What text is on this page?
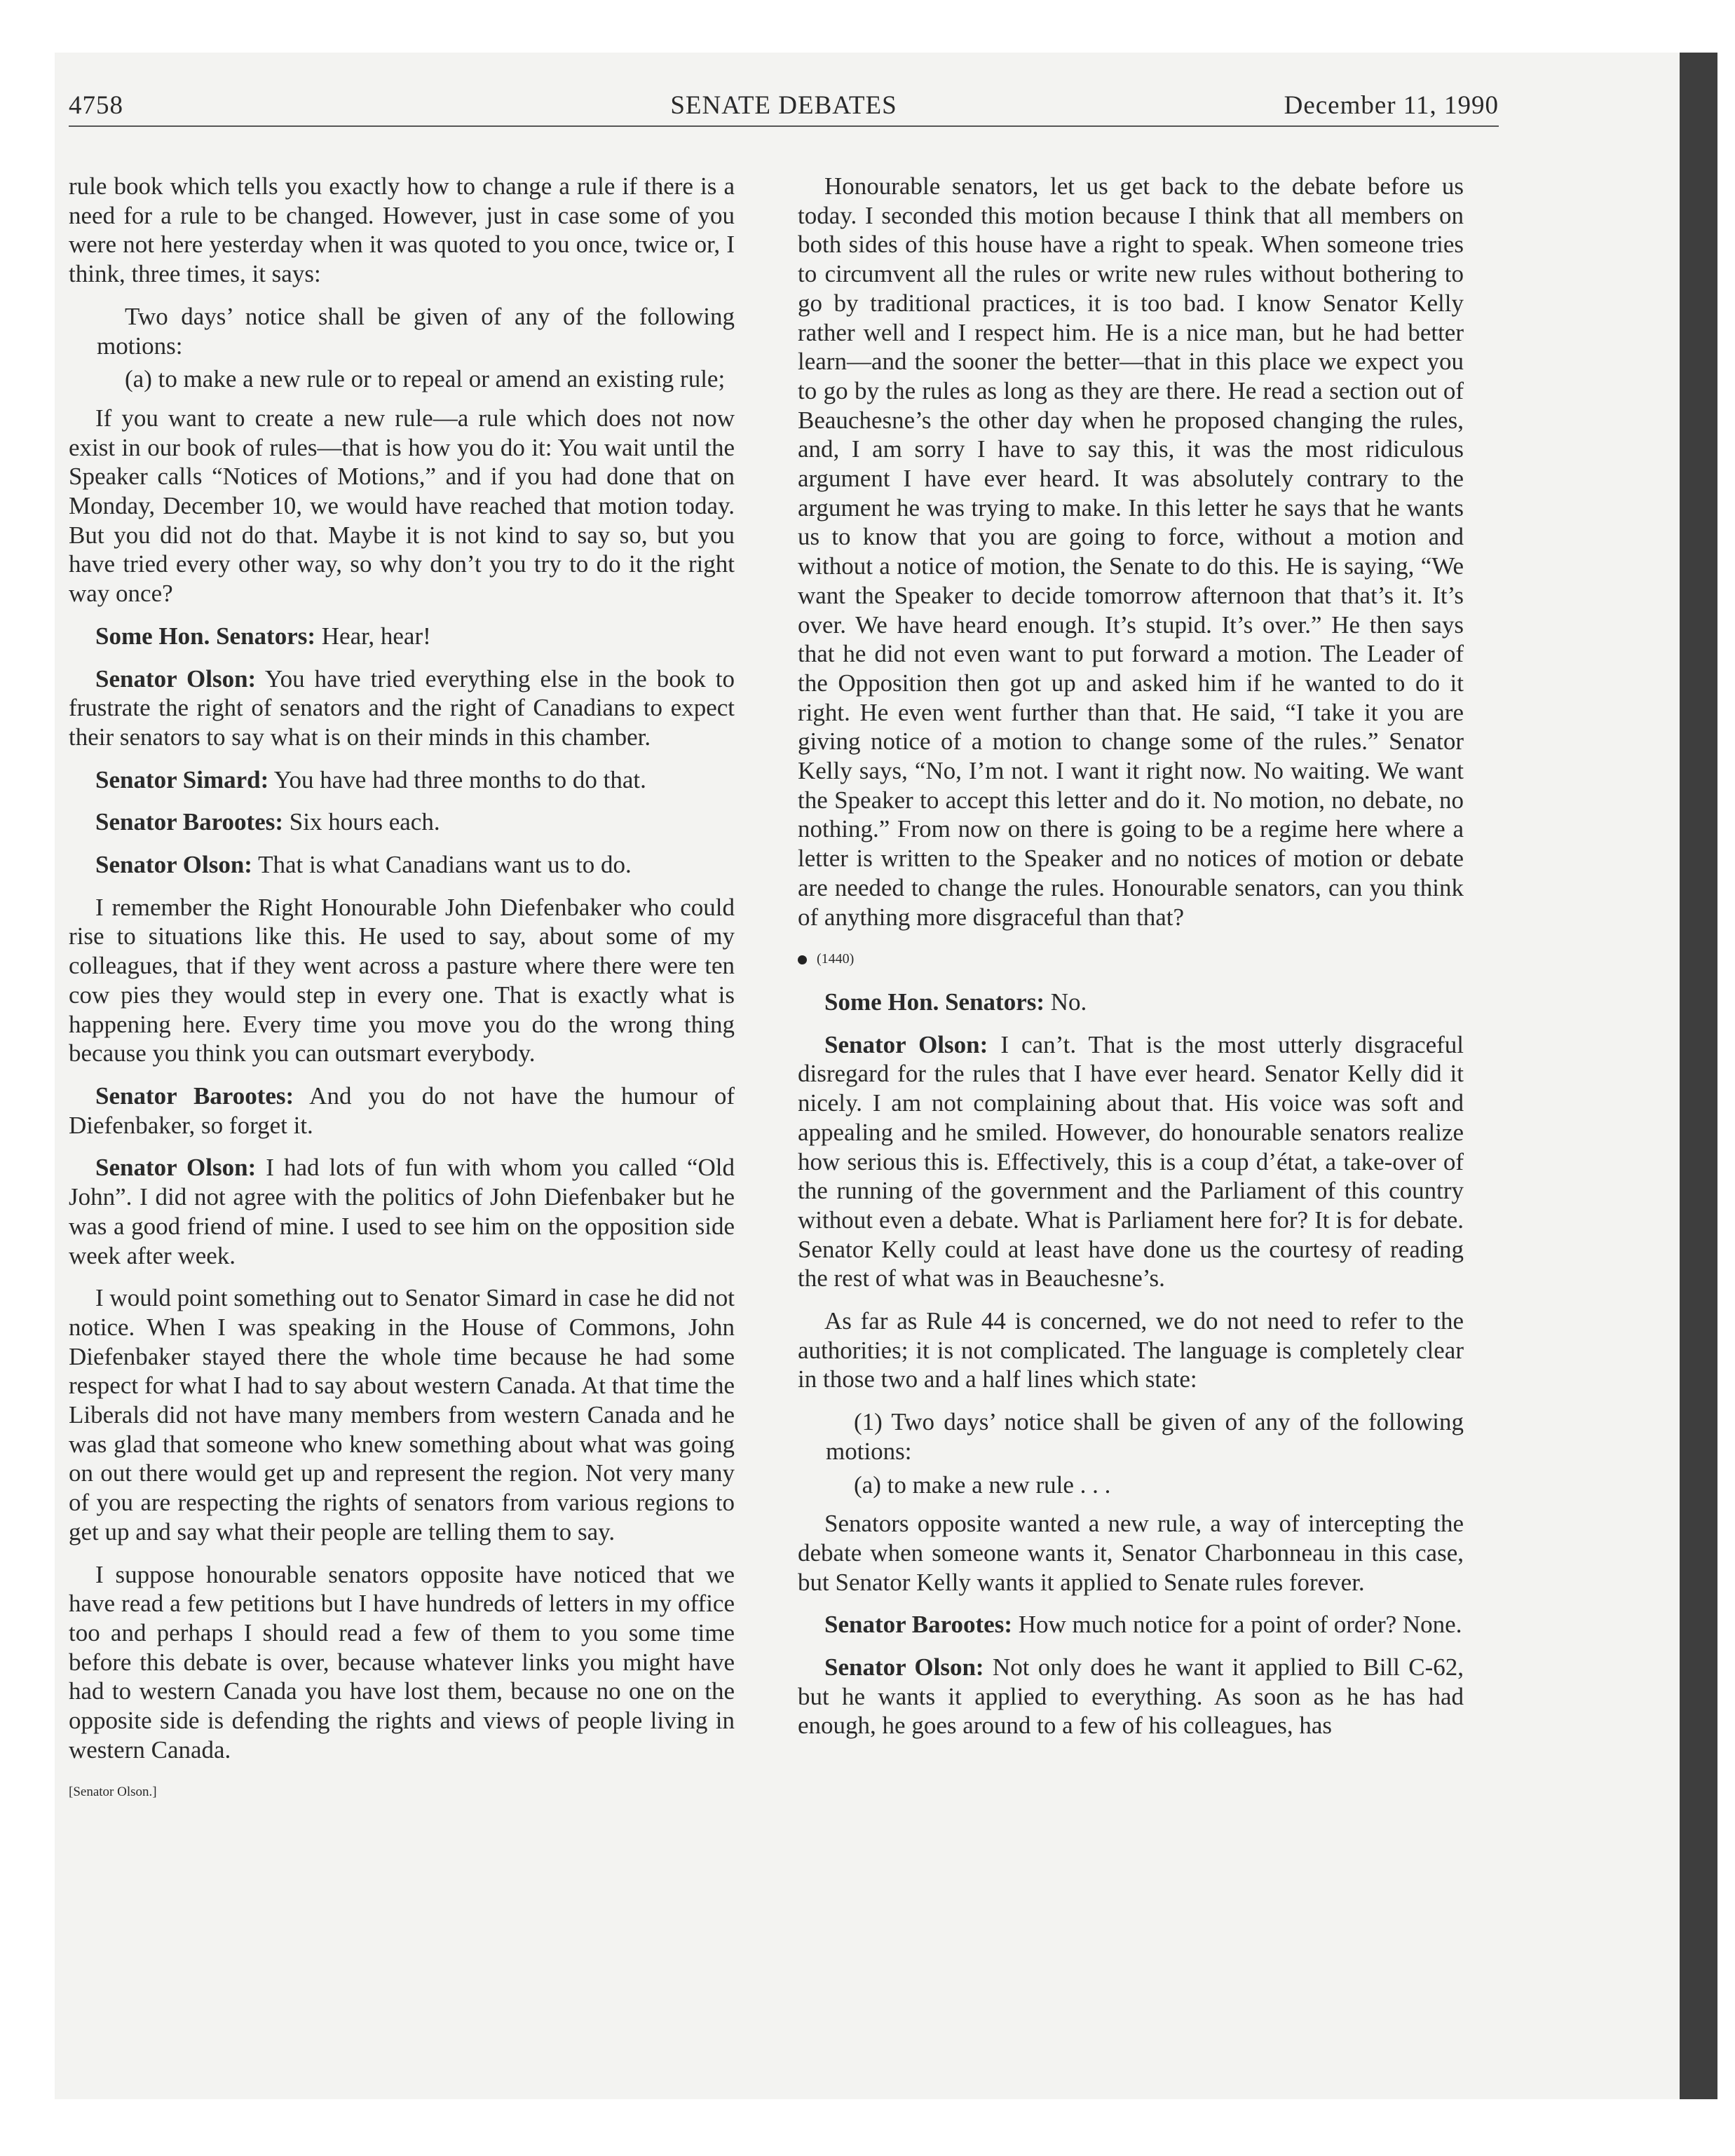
4758	SENATE DEBATES	December 11, 1990

rule book which tells you exactly how to change a rule if there is a need for a rule to be changed. However, just in case some of you were not here yesterday when it was quoted to you once, twice or, I think, three times, it says:

Two days’ notice shall be given of any of the following motions:

(a) to make a new rule or to repeal or amend an existing rule;

If you want to create a new rule—a rule which does not now exist in our book of rules—that is how you do it: You wait until the Speaker calls “Notices of Motions,” and if you had done that on Monday, December 10, we would have reached that motion today. But you did not do that. Maybe it is not kind to say so, but you have tried every other way, so why don’t you try to do it the right way once?

Some Hon. Senators: Hear, hear!

Senator Olson: You have tried everything else in the book to frustrate the right of senators and the right of Canadians to expect their senators to say what is on their minds in this chamber.

Senator Simard: You have had three months to do that.

Senator Barootes: Six hours each.

Senator Olson: That is what Canadians want us to do.

I remember the Right Honourable John Diefenbaker who could rise to situations like this. He used to say, about some of my colleagues, that if they went across a pasture where there were ten cow pies they would step in every one. That is exactly what is happening here. Every time you move you do the wrong thing because you think you can outsmart everybody.

Senator Barootes: And you do not have the humour of Diefenbaker, so forget it.

Senator Olson: I had lots of fun with whom you called “Old John”. I did not agree with the politics of John Diefenbaker but he was a good friend of mine. I used to see him on the opposition side week after week.

I would point something out to Senator Simard in case he did not notice. When I was speaking in the House of Commons, John Diefenbaker stayed there the whole time because he had some respect for what I had to say about western Canada. At that time the Liberals did not have many members from western Canada and he was glad that someone who knew something about what was going on out there would get up and represent the region. Not very many of you are respecting the rights of senators from various regions to get up and say what their people are telling them to say.

I suppose honourable senators opposite have noticed that we have read a few petitions but I have hundreds of letters in my office too and perhaps I should read a few of them to you some time before this debate is over, because whatever links you might have had to western Canada you have lost them, because no one on the opposite side is defending the rights and views of people living in western Canada.

[Senator Olson.]

Honourable senators, let us get back to the debate before us today. I seconded this motion because I think that all members on both sides of this house have a right to speak. When someone tries to circumvent all the rules or write new rules without bothering to go by traditional practices, it is too bad. I know Senator Kelly rather well and I respect him. He is a nice man, but he had better learn—and the sooner the better—that in this place we expect you to go by the rules as long as they are there. He read a section out of Beauchesne’s the other day when he proposed changing the rules, and, I am sorry I have to say this, it was the most ridiculous argument I have ever heard. It was absolutely contrary to the argument he was trying to make. In this letter he says that he wants us to know that you are going to force, without a motion and without a notice of motion, the Senate to do this. He is saying, “We want the Speaker to decide tomorrow afternoon that that’s it. It’s over. We have heard enough. It’s stupid. It’s over.” He then says that he did not even want to put forward a motion. The Leader of the Opposition then got up and asked him if he wanted to do it right. He even went further than that. He said, “I take it you are giving notice of a motion to change some of the rules.” Senator Kelly says, “No, I’m not. I want it right now. No waiting. We want the Speaker to accept this letter and do it. No motion, no debate, no nothing.” From now on there is going to be a regime here where a letter is written to the Speaker and no notices of motion or debate are needed to change the rules. Honourable senators, can you think of anything more disgraceful than that?

(1440)

Some Hon. Senators: No.

Senator Olson: I can’t. That is the most utterly disgraceful disregard for the rules that I have ever heard. Senator Kelly did it nicely. I am not complaining about that. His voice was soft and appealing and he smiled. However, do honourable senators realize how serious this is. Effectively, this is a coup d’état, a take-over of the running of the government and the Parliament of this country without even a debate. What is Parliament here for? It is for debate. Senator Kelly could at least have done us the courtesy of reading the rest of what was in Beauchesne’s.

As far as Rule 44 is concerned, we do not need to refer to the authorities; it is not complicated. The language is completely clear in those two and a half lines which state:

(1) Two days’ notice shall be given of any of the following motions:

(a) to make a new rule . . .

Senators opposite wanted a new rule, a way of intercepting the debate when someone wants it, Senator Charbonneau in this case, but Senator Kelly wants it applied to Senate rules forever.

Senator Barootes: How much notice for a point of order? None.

Senator Olson: Not only does he want it applied to Bill C-62, but he wants it applied to everything. As soon as he has had enough, he goes around to a few of his colleagues, has
